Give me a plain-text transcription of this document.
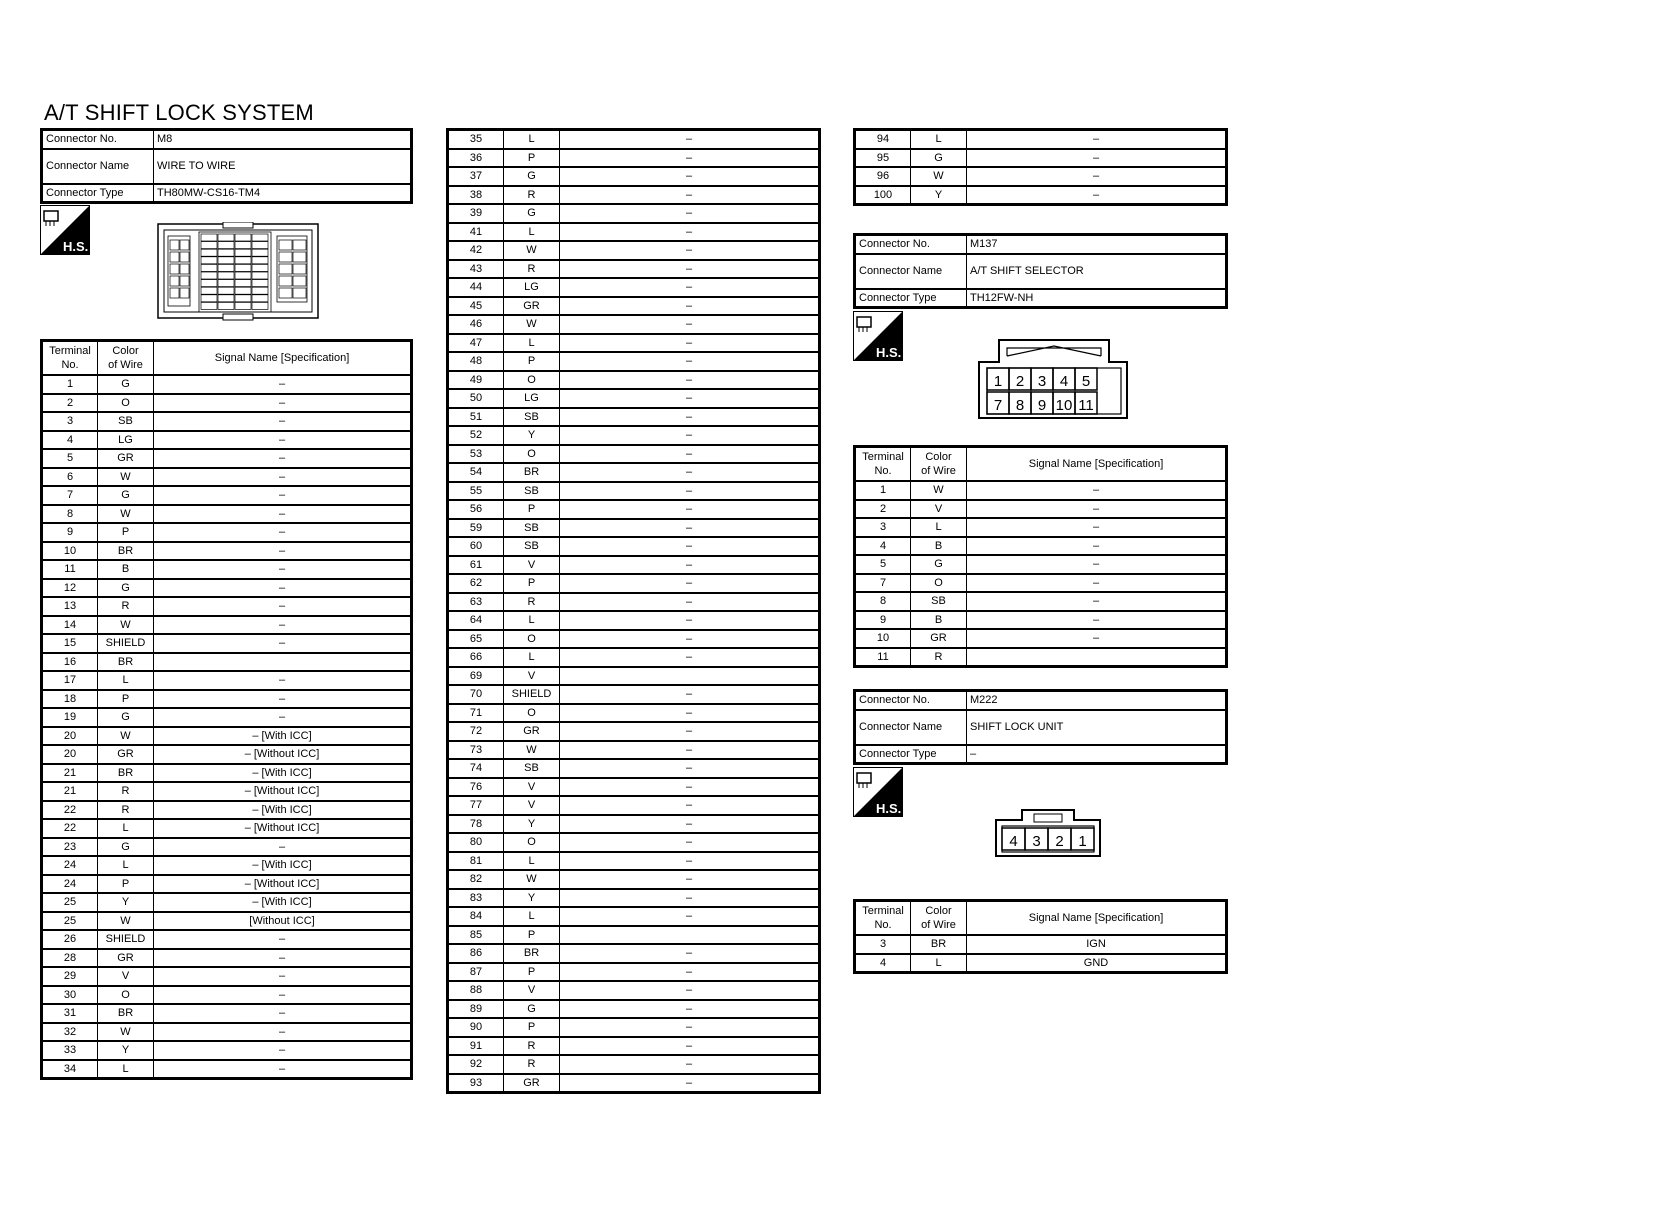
A/T SHIFT LOCK SYSTEM
Connector No.	M8
Connector Name	WIRE TO WIRE
Connector Type	TH80MW-CS16-TM4
H.S.
Terminal
No.	Color
of Wire	Signal Name [Specification]
1	G	–
2	O	–
3	SB	–
4	LG	–
5	GR	–
6	W	–
7	G	–
8	W	–
9	P	–
10	BR	–
11	B	–
12	G	–
13	R	–
14	W	–
15	SHIELD	–
16	BR	
17	L	–
18	P	–
19	G	–
20	W	– [With ICC]
20	GR	– [Without ICC]
21	BR	– [With ICC]
21	R	– [Without ICC]
22	R	– [With ICC]
22	L	– [Without ICC]
23	G	–
24	L	– [With ICC]
24	P	– [Without ICC]
25	Y	– [With ICC]
25	W	[Without ICC]
26	SHIELD	–
28	GR	–
29	V	–
30	O	–
31	BR	–
32	W	–
33	Y	–
34	L	–
35	L	–
36	P	–
37	G	–
38	R	–
39	G	–
41	L	–
42	W	–
43	R	–
44	LG	–
45	GR	–
46	W	–
47	L	–
48	P	–
49	O	–
50	LG	–
51	SB	–
52	Y	–
53	O	–
54	BR	–
55	SB	–
56	P	–
59	SB	–
60	SB	–
61	V	–
62	P	–
63	R	–
64	L	–
65	O	–
66	L	–
69	V	
70	SHIELD	–
71	O	–
72	GR	–
73	W	–
74	SB	–
76	V	–
77	V	–
78	Y	–
80	O	–
81	L	–
82	W	–
83	Y	–
84	L	–
85	P	
86	BR	–
87	P	–
88	V	–
89	G	–
90	P	–
91	R	–
92	R	–
93	GR	–
94	L	–
95	G	–
96	W	–
100	Y	–
Connector No.	M137
Connector Name	A/T SHIFT SELECTOR
Connector Type	TH12FW-NH
H.S.
1 2 3 4 5
7 8 9 10 11
Terminal
No.	Color
of Wire	Signal Name [Specification]
1	W	–
2	V	–
3	L	–
4	B	–
5	G	–
7	O	–
8	SB	–
9	B	–
10	GR	–
11	R	
Connector No.	M222
Connector Name	SHIFT LOCK UNIT
Connector Type	–
H.S.
4 3 2 1
Terminal
No.	Color
of Wire	Signal Name [Specification]
3	BR	IGN
4	L	GND
